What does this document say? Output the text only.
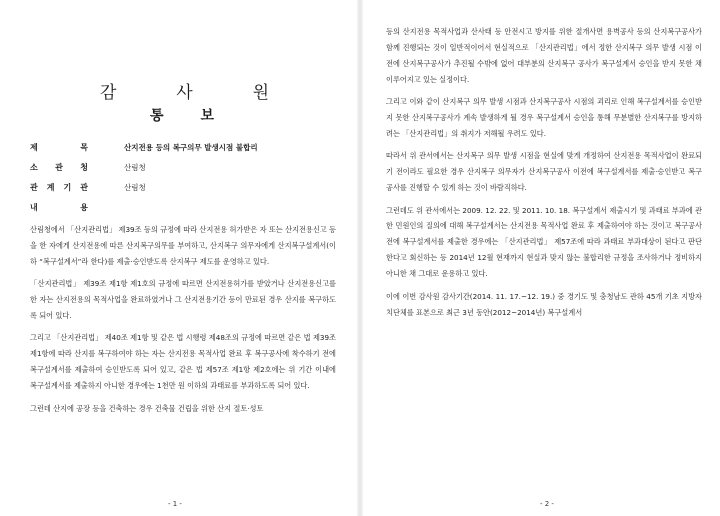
감	사	원
통	보
제	목	산지전용 등의 복구의무 발생시점 불합리
소 관 청	산림청
관 계 기 관	산림청
내	용

산림청에서 「산지관리법」 제39조 등의 규정에 따라 산지전용 허가받은 자 또는 산지전용신고 등을 한 자에게 산지전용에 따른 산지복구의무를 부여하고, 산지복구 의무자에게 산지복구설계서(이하 “복구설계서”라 한다)를 제출·승인받도록 산지복구 제도를 운영하고 있다.

「산지관리법」 제39조 제1항 제1호의 규정에 따르면 산지전용허가를 받았거나 산지전용신고를 한 자는 산지전용의 목적사업을 완료하였거나 그 산지전용기간 등이 만료된 경우 산지를 복구하도록 되어 있다.

그리고 「산지관리법」 제40조 제1항 및 같은 법 시행령 제48조의 규정에 따르면 같은 법 제39조 제1항에 따라 산지를 복구하여야 하는 자는 산지전용 목적사업 완료 후 복구공사에 착수하기 전에 복구설계서를 제출하여 승인받도록 되어 있고, 같은 법 제57조 제1항 제2호에는 위 기간 이내에 복구설계서를 제출하지 아니한 경우에는 1천만 원 이하의 과태료를 부과하도록 되어 있다.

그런데 산지에 공장 등을 건축하는 경우 건축물 건립을 위한 산지 절토·성토

- 1 -

등의 산지전용 목적사업과 산사태 등 안전시고 방지를 위한 절개사면 용벽공사 등의 산지복구공사가 함께 진행되는 것이 일반적이어서 현실적으로 「산지관리법」에서 정한 산지복구 의무 발생 시점 이전에 산지복구공사가 추진될 수밖에 없어 대부분의 산지복구 공사가 복구설계서 승인을 받지 못한 채 이루어지고 있는 실정이다.

그리고 이와 같이 산지복구 의무 발생 시점과 산지복구공사 시점의 괴리로 인해 복구설계서를 승인받지 못한 산지복구공사가 계속 발생하게 될 경우 복구설계서 승인을 통해 무분별한 산지복구를 방지하려는 「산지관리법」의 취지가 저해될 우려도 있다.

따라서 위 관서에서는 산지복구 의무 발생 시점을 현실에 맞게 개정하여 산지전용 목적사업이 완료되기 전이라도 필요한 경우 산지복구 의무자가 산지복구공사 이전에 복구설계서를 제출·승인받고 복구공사를 진행할 수 있게 하는 것이 바람직하다.

그런데도 위 관서에서는 2009. 12. 22. 및 2011. 10. 18. 복구설계서 제출시기 및 과태료 부과에 관한 민원인의 질의에 대해 복구설계서는 산지전용 목적사업 완료 후 제출하여야 하는 것이고 복구공사 전에 복구설계서를 제출한 경우에는 「산지관리법」 제57조에 따라 과태료 부과대상이 된다고 판단한다고 회신하는 등 2014년 12월 현재까지 현실과 맞지 않는 불합리한 규정을 조사하거나 정비하지 아니한 채 그대로 운용하고 있다.

이에 이번 감사원 감사기간(2014. 11. 17.~12. 19.) 중 경기도 및 충청남도 관하 45개 기초 지방자치단체를 표본으로 최근 3년 동안(2012~2014년) 복구설계서

- 2 -
